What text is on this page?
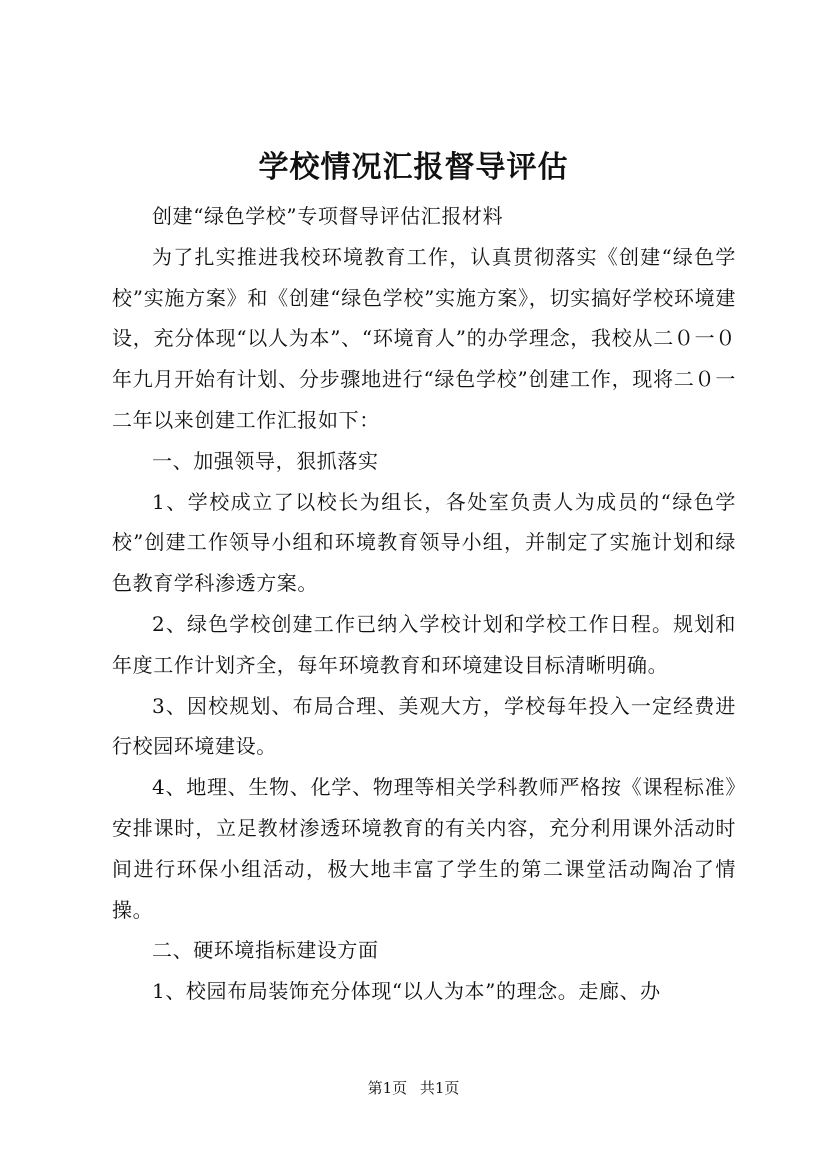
学校情况汇报督导评估

创建“绿色学校”专项督导评估汇报材料

为了扎实推进我校环境教育工作，认真贯彻落实《创建“绿色学校”实施方案》和《创建“绿色学校”实施方案》，切实搞好学校环境建设，充分体现“以人为本”、“环境育人”的办学理念，我校从二０一０年九月开始有计划、分步骤地进行“绿色学校”创建工作，现将二０一二年以来创建工作汇报如下：

一、加强领导，狠抓落实

1、学校成立了以校长为组长，各处室负责人为成员的“绿色学校”创建工作领导小组和环境教育领导小组，并制定了实施计划和绿色教育学科渗透方案。

2、绿色学校创建工作已纳入学校计划和学校工作日程。规划和年度工作计划齐全，每年环境教育和环境建设目标清晰明确。

3、因校规划、布局合理、美观大方，学校每年投入一定经费进行校园环境建设。

4、地理、生物、化学、物理等相关学科教师严格按《课程标准》安排课时，立足教材渗透环境教育的有关内容，充分利用课外活动时间进行环保小组活动，极大地丰富了学生的第二课堂活动陶冶了情操。

二、硬环境指标建设方面

1、校园布局装饰充分体现“以人为本”的理念。走廊、办

第1页 共1页
